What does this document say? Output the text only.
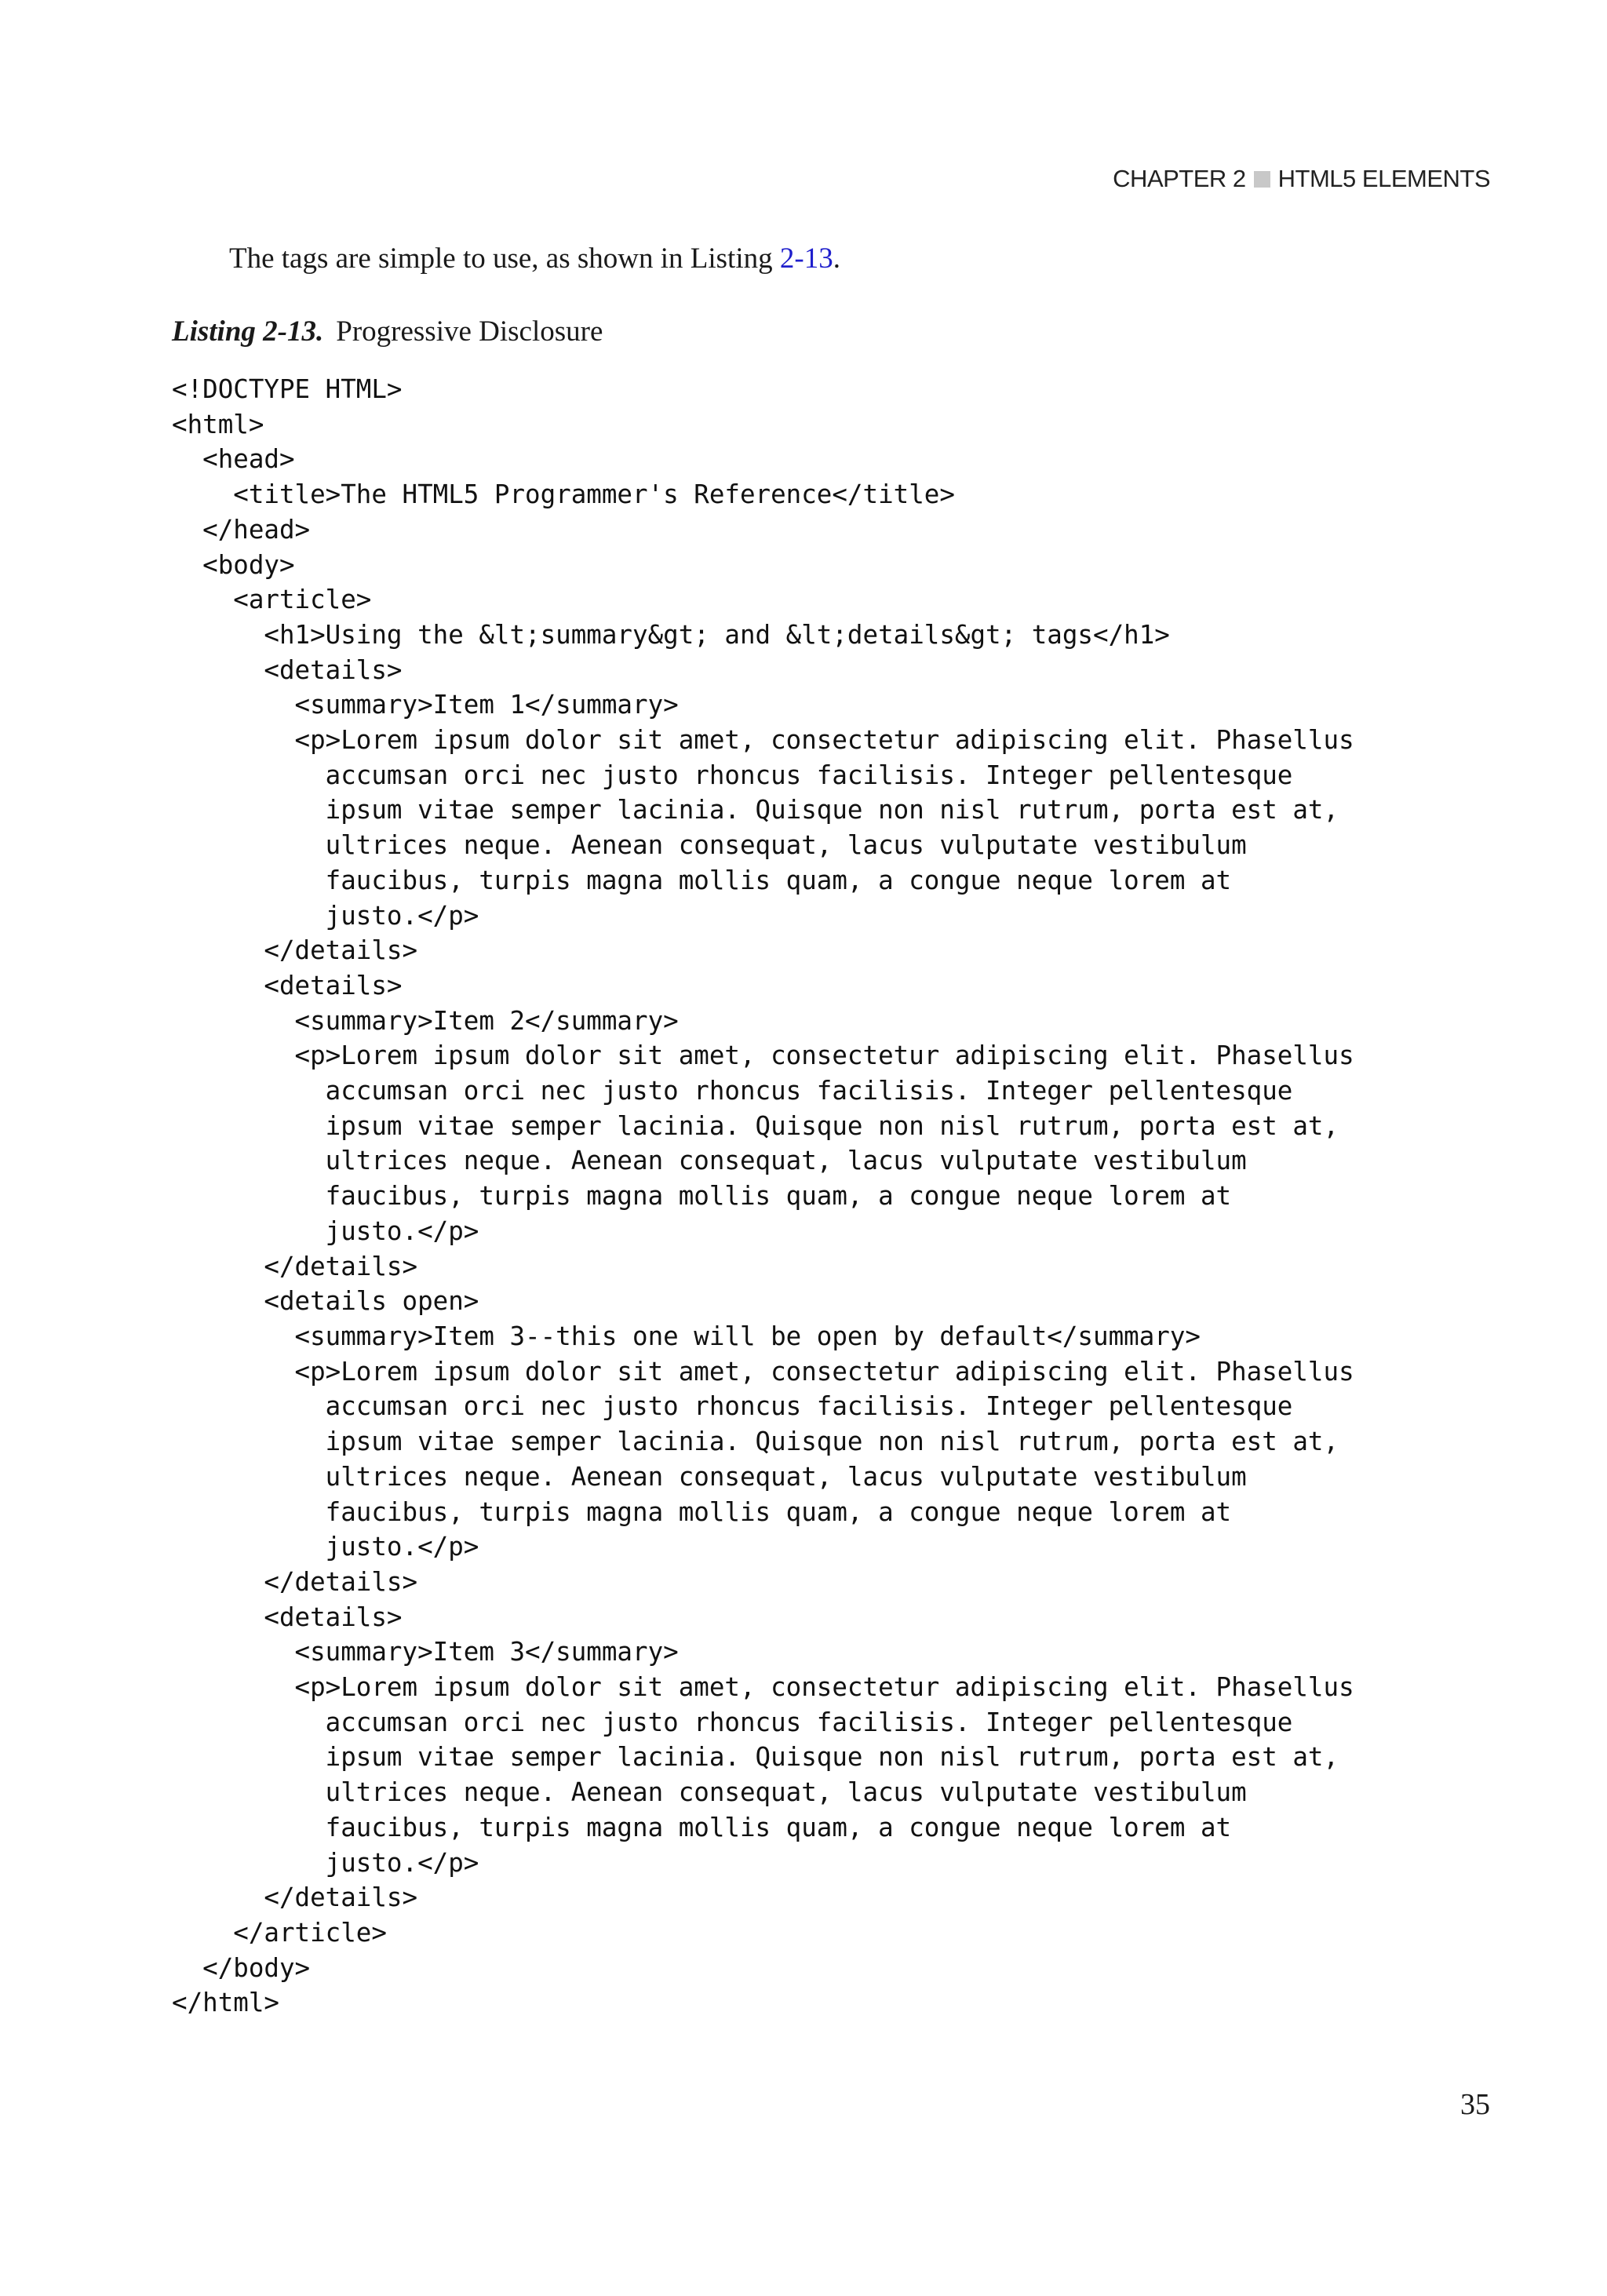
CHAPTER 2 HTML5 ELEMENTS

The tags are simple to use, as shown in Listing 2-13.

Listing 2-13. Progressive Disclosure

<!DOCTYPE HTML>
<html>
<head>
<title>The HTML5 Programmer's Reference</title>
</head>
<body>
<article>
<h1>Using the &lt;summary&gt; and &lt;details&gt; tags</h1>
<details>
<summary>Item 1</summary>
<p>Lorem ipsum dolor sit amet, consectetur adipiscing elit. Phasellus
accumsan orci nec justo rhoncus facilisis. Integer pellentesque
ipsum vitae semper lacinia. Quisque non nisl rutrum, porta est at,
ultrices neque. Aenean consequat, lacus vulputate vestibulum
faucibus, turpis magna mollis quam, a congue neque lorem at
justo.</p>
</details>
<details>
<summary>Item 2</summary>
<p>Lorem ipsum dolor sit amet, consectetur adipiscing elit. Phasellus
accumsan orci nec justo rhoncus facilisis. Integer pellentesque
ipsum vitae semper lacinia. Quisque non nisl rutrum, porta est at,
ultrices neque. Aenean consequat, lacus vulputate vestibulum
faucibus, turpis magna mollis quam, a congue neque lorem at
justo.</p>
</details>
<details open>
<summary>Item 3--this one will be open by default</summary>
<p>Lorem ipsum dolor sit amet, consectetur adipiscing elit. Phasellus
accumsan orci nec justo rhoncus facilisis. Integer pellentesque
ipsum vitae semper lacinia. Quisque non nisl rutrum, porta est at,
ultrices neque. Aenean consequat, lacus vulputate vestibulum
faucibus, turpis magna mollis quam, a congue neque lorem at
justo.</p>
</details>
<details>
<summary>Item 3</summary>
<p>Lorem ipsum dolor sit amet, consectetur adipiscing elit. Phasellus
accumsan orci nec justo rhoncus facilisis. Integer pellentesque
ipsum vitae semper lacinia. Quisque non nisl rutrum, porta est at,
ultrices neque. Aenean consequat, lacus vulputate vestibulum
faucibus, turpis magna mollis quam, a congue neque lorem at
justo.</p>
</details>
</article>
</body>
</html>
35
